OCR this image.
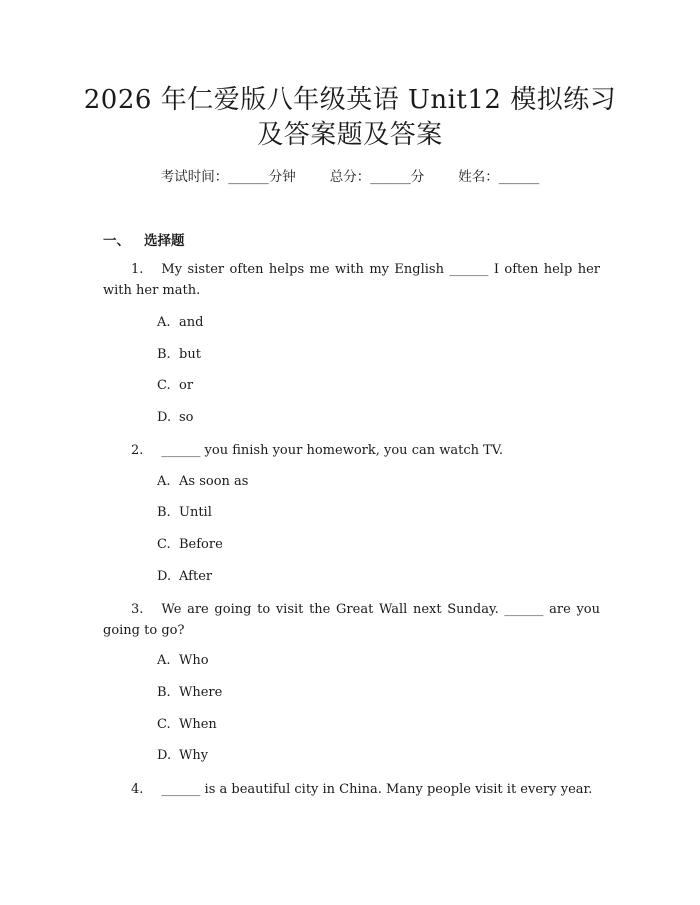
2026 年仁爱版八年级英语 Unit12 模拟练习
及答案题及答案
考试时间：______分钟	总分：______分	姓名：______
一、 选择题
1. My sister often helps me with my English ______ I often help her with her math.
A. and
B. but
C. or
D. so
2. ______ you finish your homework, you can watch TV.
A. As soon as
B. Until
C. Before
D. After
3. We are going to visit the Great Wall next Sunday. ______ are you going to go?
A. Who
B. Where
C. When
D. Why
4. ______ is a beautiful city in China. Many people visit it every year.
